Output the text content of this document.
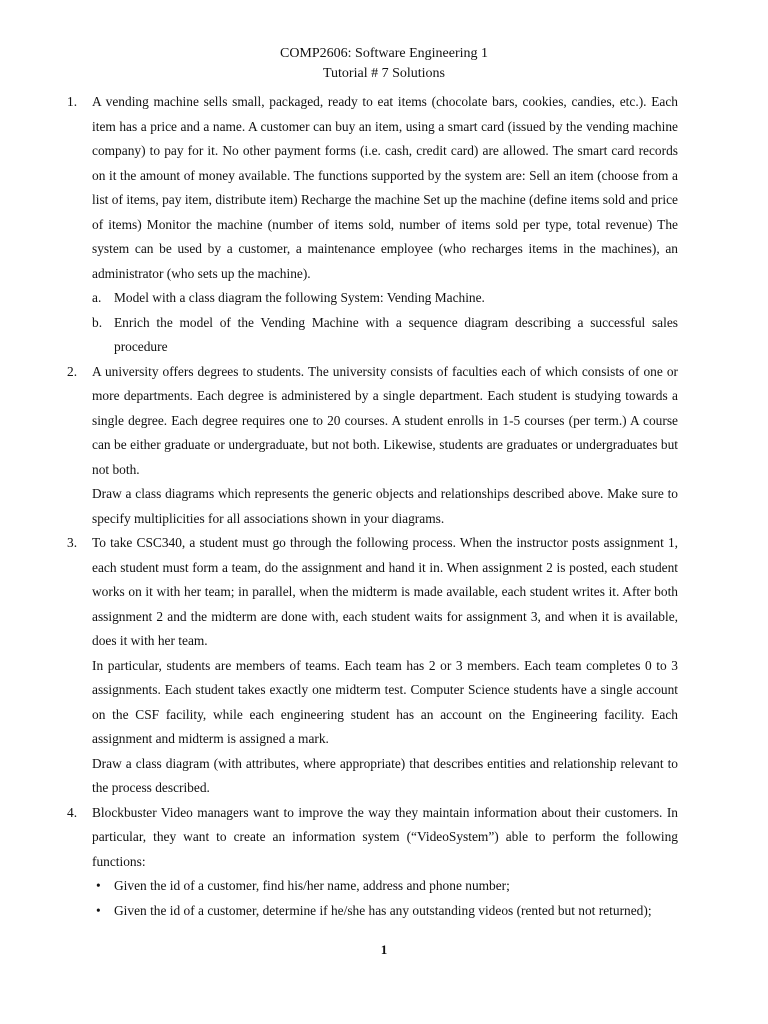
COMP2606: Software Engineering 1
Tutorial # 7 Solutions
1. A vending machine sells small, packaged, ready to eat items (chocolate bars, cookies, candies, etc.). Each item has a price and a name. A customer can buy an item, using a smart card (issued by the vending machine company) to pay for it. No other payment forms (i.e. cash, credit card) are allowed. The smart card records on it the amount of money available. The functions supported by the system are: Sell an item (choose from a list of items, pay item, distribute item) Recharge the machine Set up the machine (define items sold and price of items) Monitor the machine (number of items sold, number of items sold per type, total revenue) The system can be used by a customer, a maintenance employee (who recharges items in the machines), an administrator (who sets up the machine).

a. Model with a class diagram the following System: Vending Machine.
b. Enrich the model of the Vending Machine with a sequence diagram describing a successful sales procedure
2. A university offers degrees to students. The university consists of faculties each of which consists of one or more departments. Each degree is administered by a single department. Each student is studying towards a single degree. Each degree requires one to 20 courses. A student enrolls in 1-5 courses (per term.) A course can be either graduate or undergraduate, but not both. Likewise, students are graduates or undergraduates but not both.

Draw a class diagrams which represents the generic objects and relationships described above. Make sure to specify multiplicities for all associations shown in your diagrams.

3. To take CSC340, a student must go through the following process. When the instructor posts assignment 1, each student must form a team, do the assignment and hand it in. When assignment 2 is posted, each student works on it with her team; in parallel, when the midterm is made available, each student writes it. After both assignment 2 and the midterm are done with, each student waits for assignment 3, and when it is available, does it with her team.

In particular, students are members of teams. Each team has 2 or 3 members. Each team completes 0 to 3 assignments. Each student takes exactly one midterm test. Computer Science students have a single account on the CSF facility, while each engineering student has an account on the Engineering facility. Each assignment and midterm is assigned a mark.

Draw a class diagram (with attributes, where appropriate) that describes entities and relationship relevant to the process described.

4. Blockbuster Video managers want to improve the way they maintain information about their customers. In particular, they want to create an information system (“VideoSystem”) able to perform the following functions:

• Given the id of a customer, find his/her name, address and phone number;
• Given the id of a customer, determine if he/she has any outstanding videos (rented but not returned);
1
